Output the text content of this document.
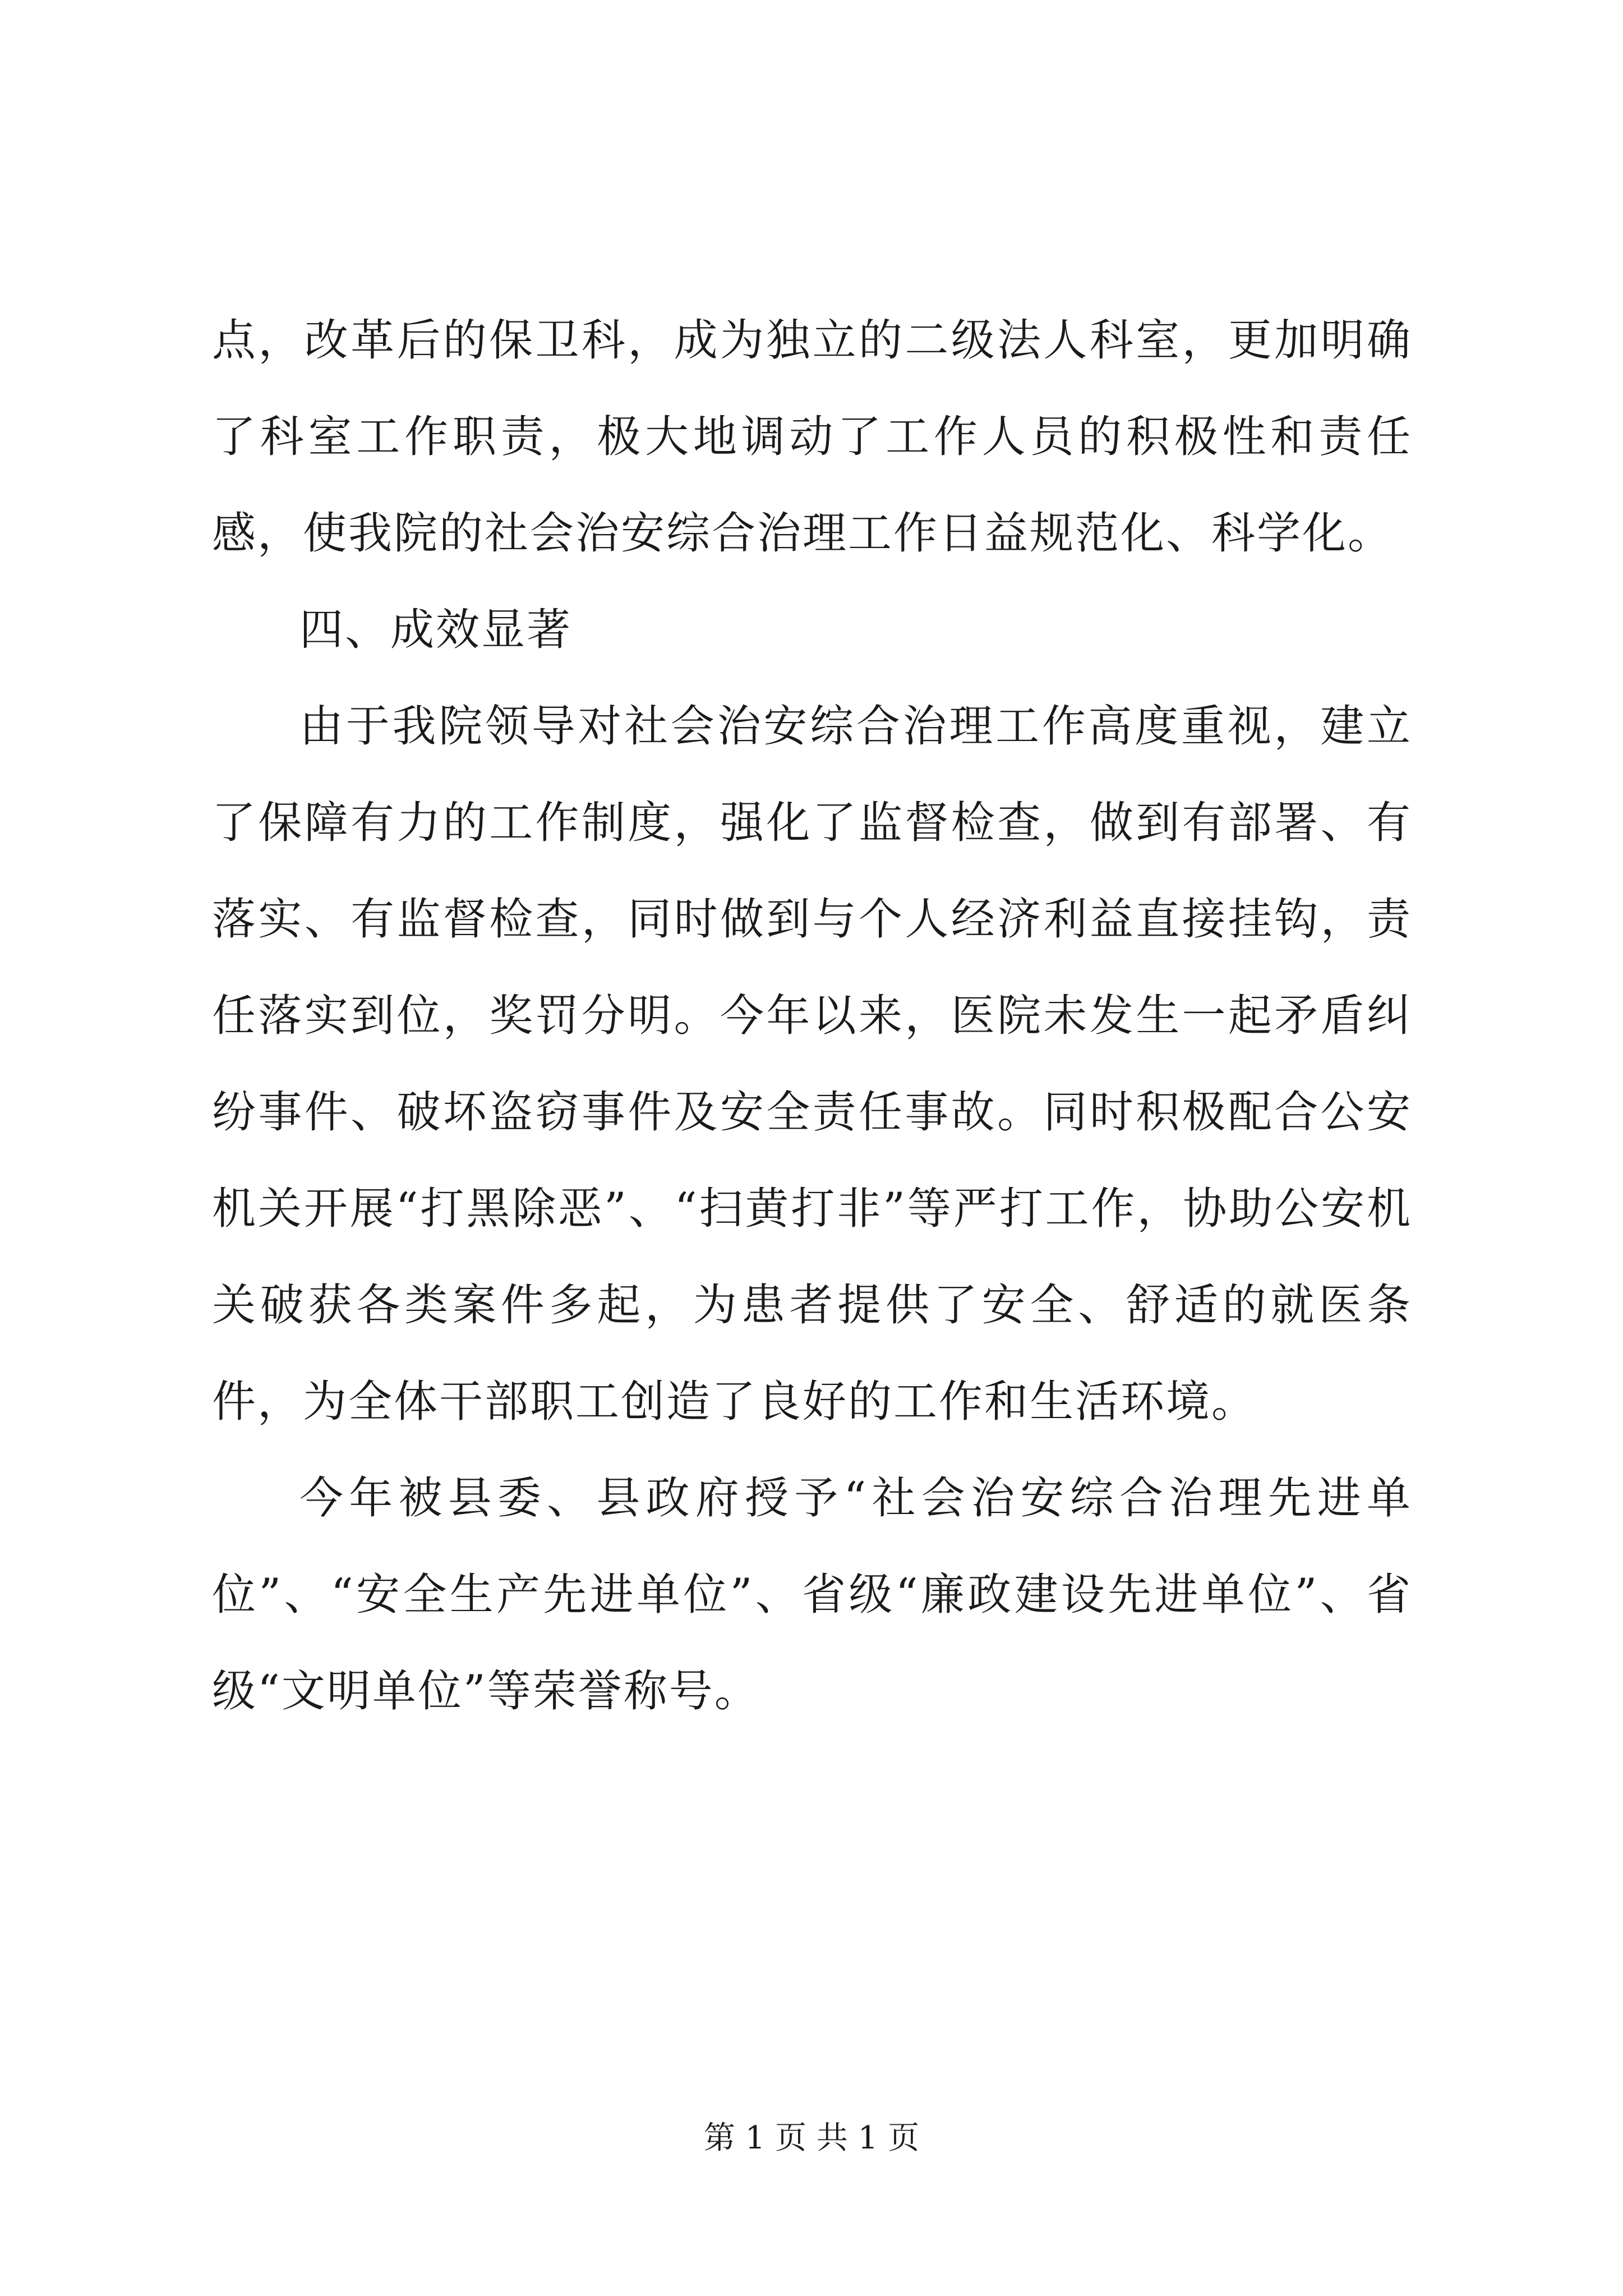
点，改革后的保卫科，成为独立的二级法人科室，更加明确了科室工作职责，极大地调动了工作人员的积极性和责任感，使我院的社会治安综合治理工作日益规范化、科学化。

四、成效显著

由于我院领导对社会治安综合治理工作高度重视，建立了保障有力的工作制度，强化了监督检查，做到有部署、有落实、有监督检查，同时做到与个人经济利益直接挂钩，责任落实到位，奖罚分明。今年以来，医院未发生一起矛盾纠纷事件、破坏盗窃事件及安全责任事故。同时积极配合公安机关开展“打黑除恶”、“扫黄打非”等严打工作，协助公安机关破获各类案件多起，为患者提供了安全、舒适的就医条件，为全体干部职工创造了良好的工作和生活环境。

今年被县委、县政府授予“社会治安综合治理先进单位”、“安全生产先进单位”、省级“廉政建设先进单位”、省级“文明单位”等荣誉称号。

第 1 页 共 1 页
